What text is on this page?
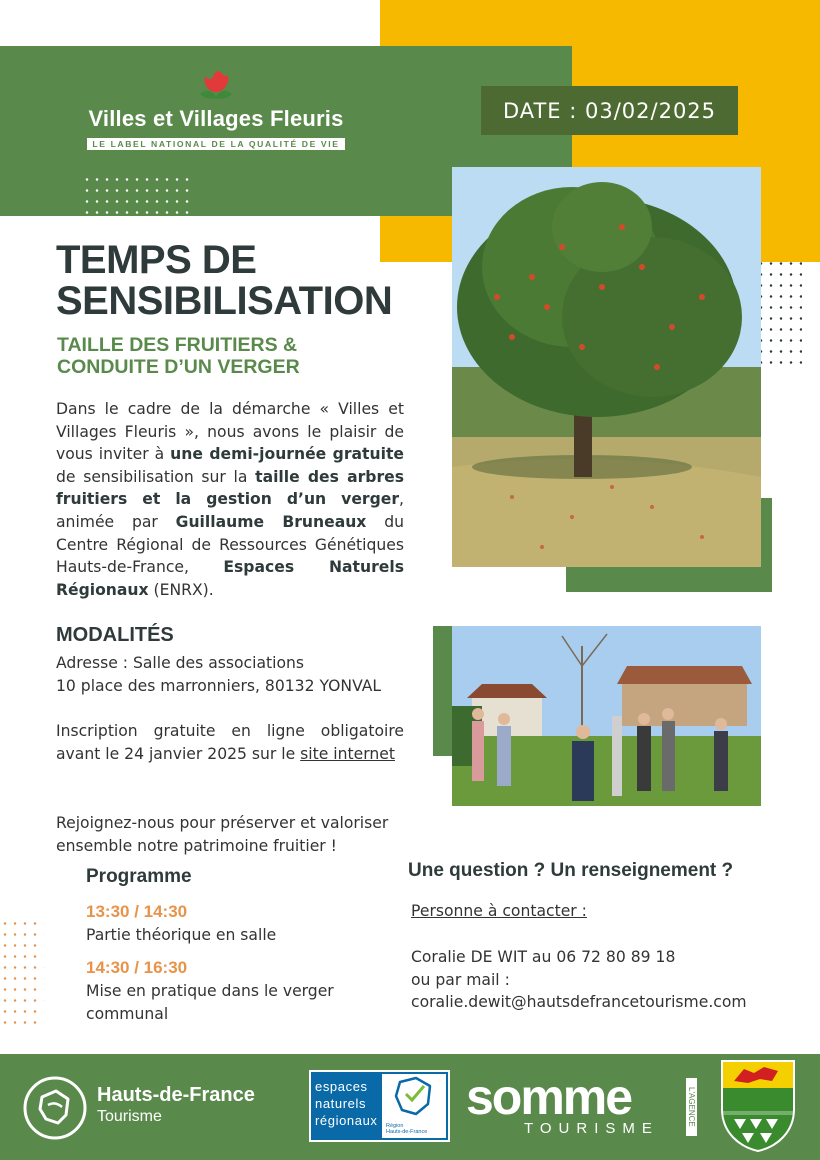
Villes et Villages Fleuris
LE LABEL NATIONAL DE LA QUALITÉ DE VIE
DATE : 03/02/2025
TEMPS DE
SENSIBILISATION
TAILLE DES FRUITIERS &
CONDUITE D’UN VERGER
Dans le cadre de la démarche « Villes et Villages Fleuris », nous avons le plaisir de vous inviter à une demi-journée gratuite de sensibilisation sur la taille des arbres fruitiers et la gestion d’un verger, animée par Guillaume Bruneaux du Centre Régional de Ressources Génétiques Hauts-de-France, Espaces Naturels Régionaux (ENRX).
MODALITÉS
Adresse : Salle des associations
10 place des marronniers, 80132 YONVAL
Inscription gratuite en ligne obligatoire avant le 24 janvier 2025 sur le site internet
Rejoignez-nous pour préserver et valoriser ensemble notre patrimoine fruitier !
Programme
13:30 / 14:30
Partie théorique en salle
14:30 / 16:30
Mise en pratique dans le verger communal
Une question ? Un renseignement ?
Personne à contacter :
Coralie DE WIT au 06 72 80 89 18
ou par mail :
coralie.dewit@hautsdefrancetourisme.com
Hauts-de-France
Tourisme
espaces
naturels
régionaux Région
Hauts-de-France
somme
TOURISME
L'AGENCE
